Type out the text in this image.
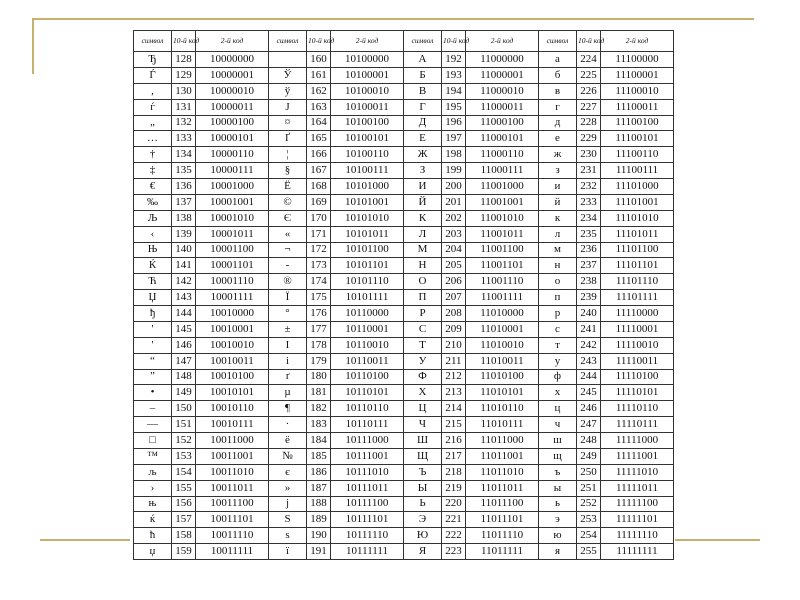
символ	10-й код	2-й код	символ	10-й код	2-й код	символ	10-й код	2-й код	символ	10-й код	2-й код
Ђ	128	10000000		160	10100000	А	192	11000000	а	224	11100000
Ѓ	129	10000001	Ў	161	10100001	Б	193	11000001	б	225	11100001
,	130	10000010	ў	162	10100010	В	194	11000010	в	226	11100010
ѓ	131	10000011	Ј	163	10100011	Г	195	11000011	г	227	11100011
„	132	10000100	¤	164	10100100	Д	196	11000100	д	228	11100100
…	133	10000101	Ґ	165	10100101	Е	197	11000101	е	229	11100101
†	134	10000110	¦	166	10100110	Ж	198	11000110	ж	230	11100110
‡	135	10000111	§	167	10100111	З	199	11000111	з	231	11100111
€	136	10001000	Ё	168	10101000	И	200	11001000	и	232	11101000
‰	137	10001001	©	169	10101001	Й	201	11001001	й	233	11101001
Љ	138	10001010	Є	170	10101010	К	202	11001010	к	234	11101010
‹	139	10001011	«	171	10101011	Л	203	11001011	л	235	11101011
Њ	140	10001100	¬	172	10101100	М	204	11001100	м	236	11101100
Ќ	141	10001101	-	173	10101101	Н	205	11001101	н	237	11101101
Ћ	142	10001110	®	174	10101110	О	206	11001110	о	238	11101110
Џ	143	10001111	Ї	175	10101111	П	207	11001111	п	239	11101111
ђ	144	10010000	°	176	10110000	Р	208	11010000	р	240	11110000
'	145	10010001	±	177	10110001	С	209	11010001	с	241	11110001
'	146	10010010	І	178	10110010	Т	210	11010010	т	242	11110010
“	147	10010011	і	179	10110011	У	211	11010011	у	243	11110011
”	148	10010100	ґ	180	10110100	Ф	212	11010100	ф	244	11110100
•	149	10010101	µ	181	10110101	Х	213	11010101	х	245	11110101
–	150	10010110	¶	182	10110110	Ц	214	11010110	ц	246	11110110
—	151	10010111	·	183	10110111	Ч	215	11010111	ч	247	11110111
□	152	10011000	ё	184	10111000	Ш	216	11011000	ш	248	11111000
™	153	10011001	№	185	10111001	Щ	217	11011001	щ	249	11111001
љ	154	10011010	є	186	10111010	Ъ	218	11011010	ъ	250	11111010
›	155	10011011	»	187	10111011	Ы	219	11011011	ы	251	11111011
њ	156	10011100	ј	188	10111100	Ь	220	11011100	ь	252	11111100
ќ	157	10011101	Ѕ	189	10111101	Э	221	11011101	э	253	11111101
ћ	158	10011110	ѕ	190	10111110	Ю	222	11011110	ю	254	11111110
џ	159	10011111	ї	191	10111111	Я	223	11011111	я	255	11111111
